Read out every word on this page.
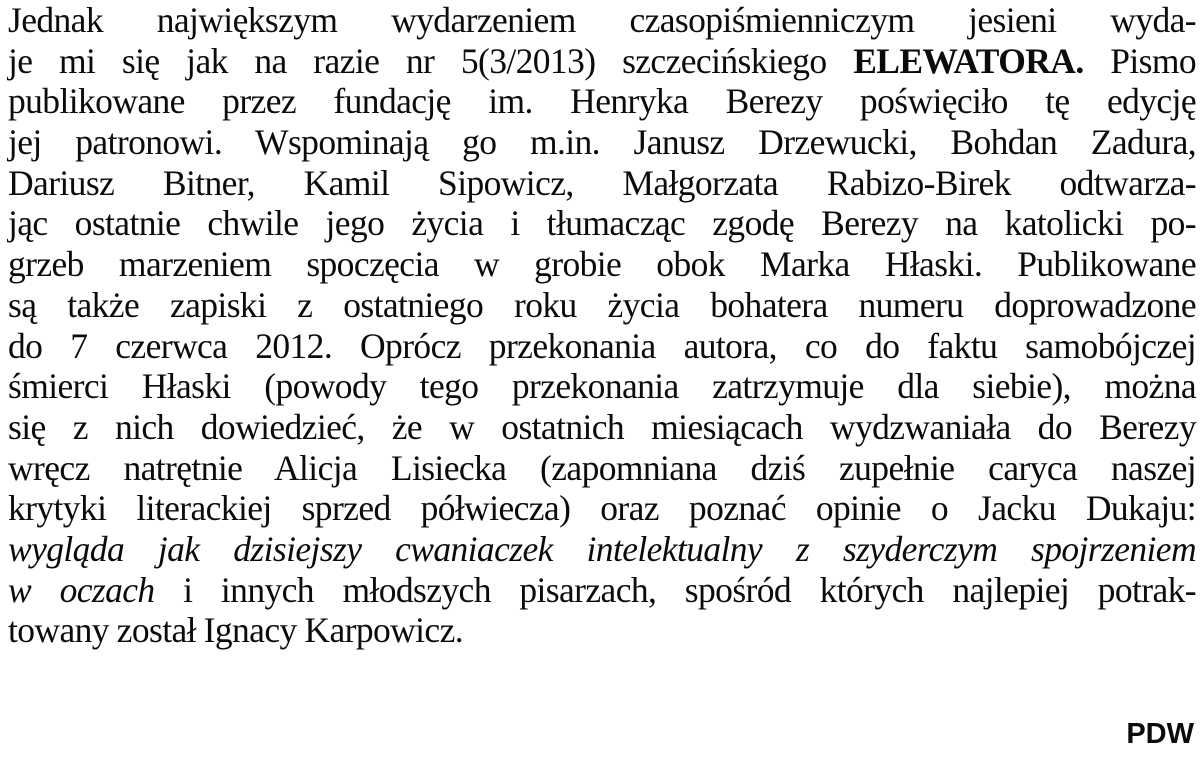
Jednak największym wydarzeniem czasopiśmienniczym jesieni wyda-
je mi się jak na razie nr 5(3/2013) szczecińskiego ELEWATORA. Pismo
publikowane przez fundację im. Henryka Berezy poświęciło tę edycję
jej patronowi. Wspominają go m.in. Janusz Drzewucki, Bohdan Zadura,
Dariusz Bitner, Kamil Sipowicz, Małgorzata Rabizo-Birek odtwarza-
jąc ostatnie chwile jego życia i tłumacząc zgodę Berezy na katolicki po-
grzeb marzeniem spoczęcia w grobie obok Marka Hłaski. Publikowane
są także zapiski z ostatniego roku życia bohatera numeru doprowadzone
do 7 czerwca 2012. Oprócz przekonania autora, co do faktu samobójczej
śmierci Hłaski (powody tego przekonania zatrzymuje dla siebie), można
się z nich dowiedzieć, że w ostatnich miesiącach wydzwaniała do Berezy
wręcz natrętnie Alicja Lisiecka (zapomniana dziś zupełnie caryca naszej
krytyki literackiej sprzed półwiecza) oraz poznać opinie o Jacku Dukaju:
wygląda jak dzisiejszy cwaniaczek intelektualny z szyderczym spojrzeniem
w oczach i innych młodszych pisarzach, spośród których najlepiej potrak-
towany został Ignacy Karpowicz.
PDW
